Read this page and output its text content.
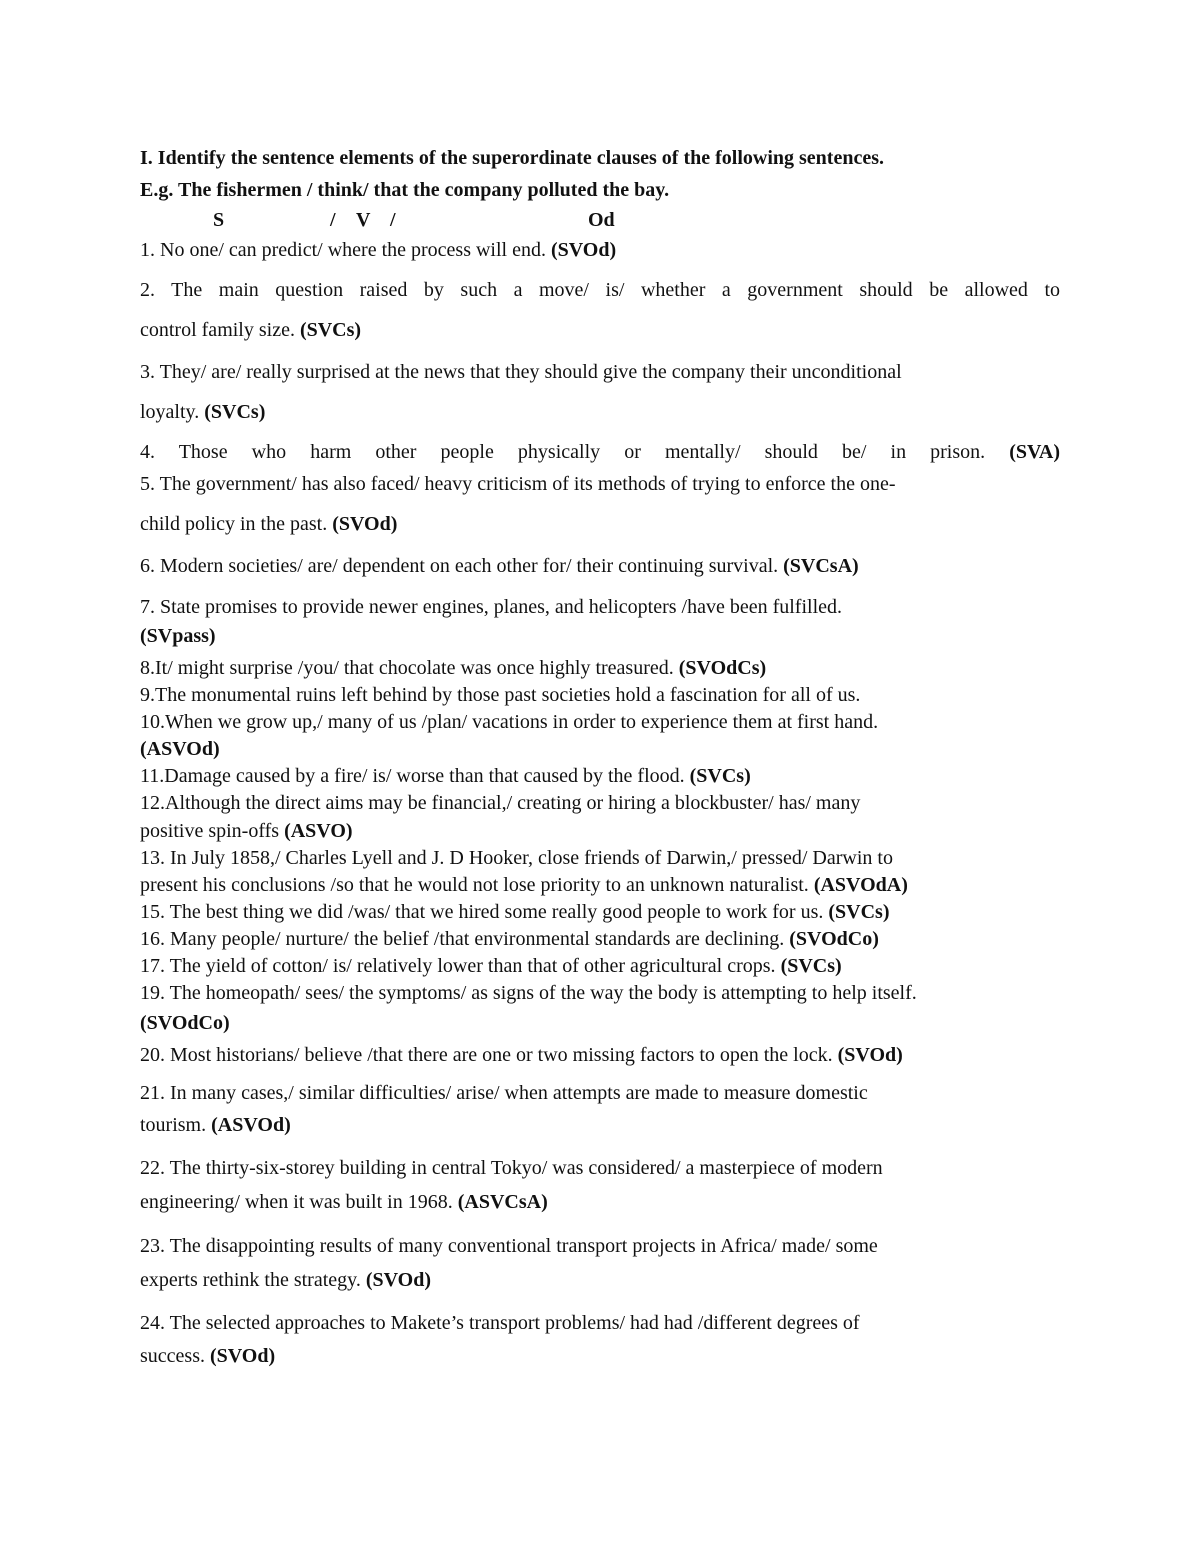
I. Identify the sentence elements of the superordinate clauses of the following sentences.
E.g. The fishermen / think/ that the company polluted the bay.
S	/ V /	Od
1. No one/ can predict/ where the process will end. (SVOd)
2. The main question raised by such a move/ is/ whether a government should be allowed to
control family size. (SVCs)
3. They/ are/ really surprised at the news that they should give the company their unconditional
loyalty. (SVCs)
4. Those who harm other people physically or mentally/ should be/ in prison. (SVA)
5. The government/ has also faced/ heavy criticism of its methods of trying to enforce the one-
child policy in the past. (SVOd)
6. Modern societies/ are/ dependent on each other for/ their continuing survival. (SVCsA)
7. State promises to provide newer engines, planes, and helicopters /have been fulfilled.
(SVpass)
8.It/ might surprise /you/ that chocolate was once highly treasured. (SVOdCs)
9.The monumental ruins left behind by those past societies hold a fascination for all of us.
10.When we grow up,/ many of us /plan/ vacations in order to experience them at first hand.
(ASVOd)
11.Damage caused by a fire/ is/ worse than that caused by the flood. (SVCs)
12.Although the direct aims may be financial,/ creating or hiring a blockbuster/ has/ many
positive spin-offs (ASVO)
13. In July 1858,/ Charles Lyell and J. D Hooker, close friends of Darwin,/ pressed/ Darwin to
present his conclusions /so that he would not lose priority to an unknown naturalist. (ASVOdA)
15. The best thing we did /was/ that we hired some really good people to work for us. (SVCs)
16. Many people/ nurture/ the belief /that environmental standards are declining. (SVOdCo)
17. The yield of cotton/ is/ relatively lower than that of other agricultural crops. (SVCs)
19. The homeopath/ sees/ the symptoms/ as signs of the way the body is attempting to help itself.
(SVOdCo)
20. Most historians/ believe /that there are one or two missing factors to open the lock. (SVOd)
21. In many cases,/ similar difficulties/ arise/ when attempts are made to measure domestic
tourism. (ASVOd)
22. The thirty-six-storey building in central Tokyo/ was considered/ a masterpiece of modern
engineering/ when it was built in 1968. (ASVCsA)
23. The disappointing results of many conventional transport projects in Africa/ made/ some
experts rethink the strategy. (SVOd)
24. The selected approaches to Makete’s transport problems/ had had /different degrees of
success. (SVOd)
